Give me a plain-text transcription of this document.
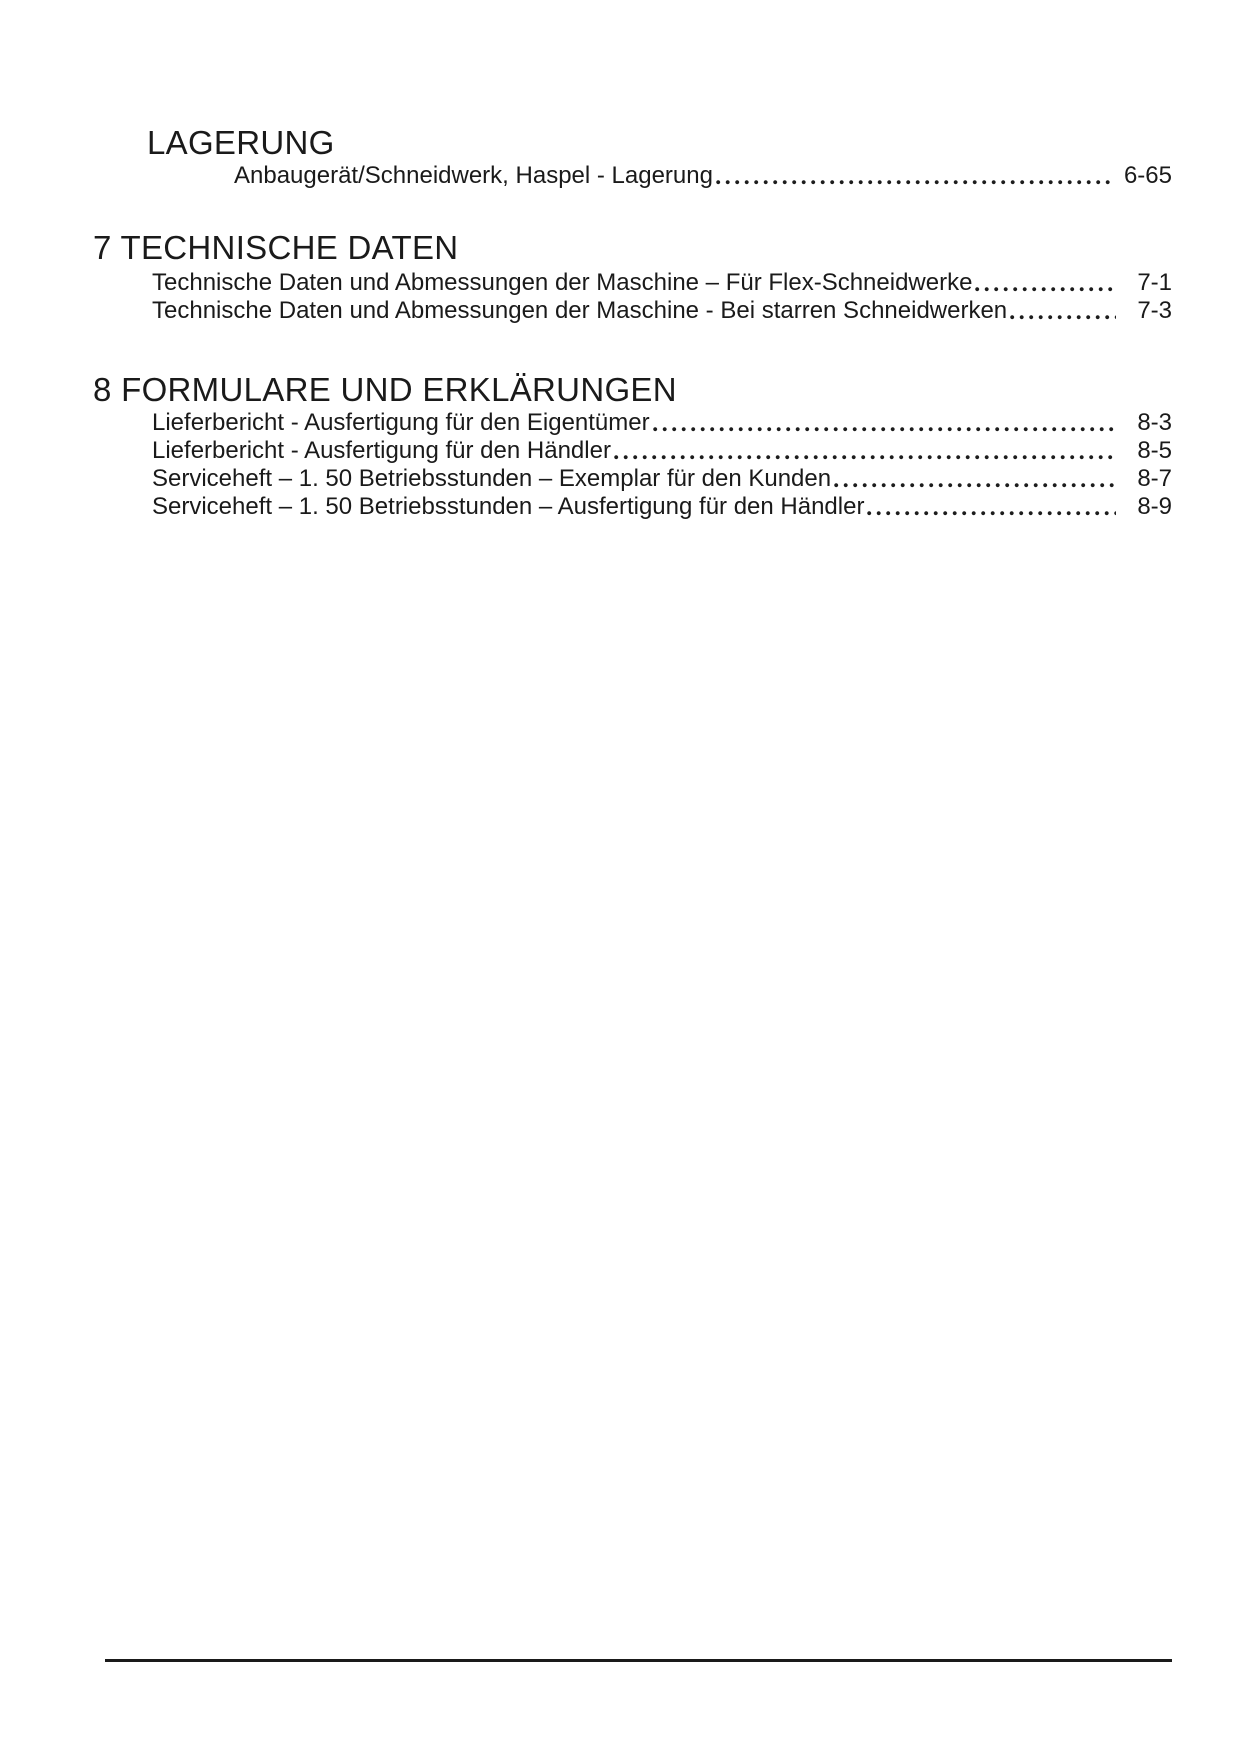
LAGERUNG
Anbaugerät/Schneidwerk, Haspel - Lagerung	6-65
7 TECHNISCHE DATEN
Technische Daten und Abmessungen der Maschine – Für Flex-Schneidwerke	7-1
Technische Daten und Abmessungen der Maschine - Bei starren Schneidwerken	7-3
8 FORMULARE UND ERKLÄRUNGEN
Lieferbericht - Ausfertigung für den Eigentümer	8-3
Lieferbericht - Ausfertigung für den Händler	8-5
Serviceheft – 1. 50 Betriebsstunden – Exemplar für den Kunden	8-7
Serviceheft – 1. 50 Betriebsstunden – Ausfertigung für den Händler	8-9
